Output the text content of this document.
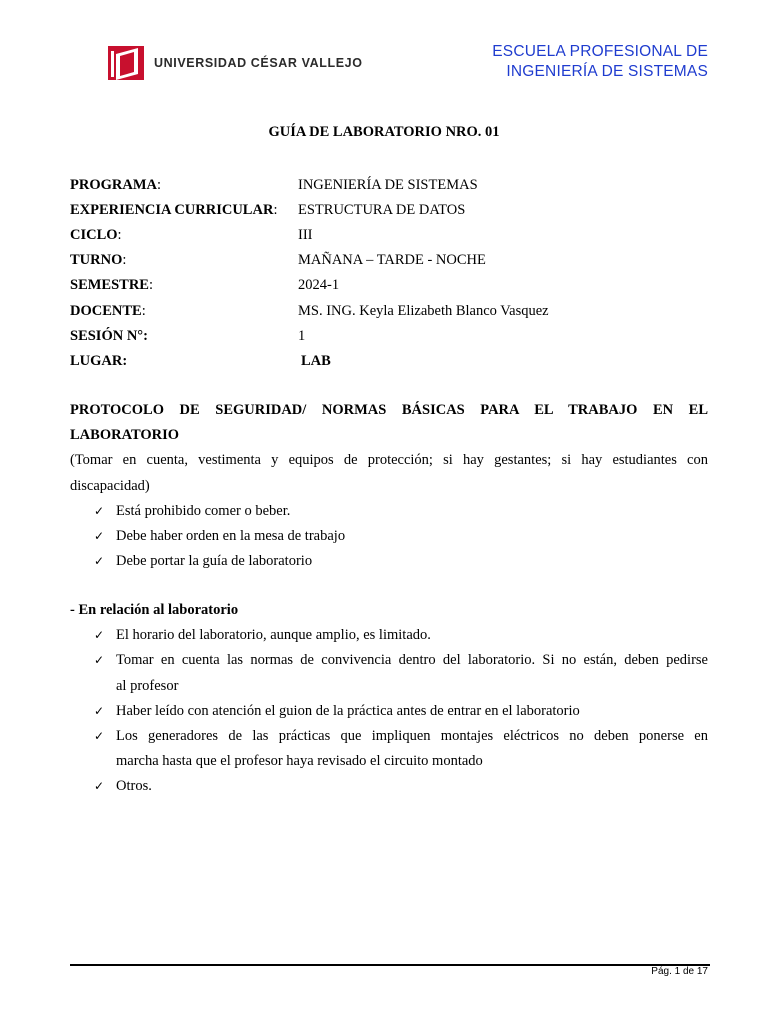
UNIVERSIDAD CÉSAR VALLEJO
ESCUELA PROFESIONAL DE
INGENIERÍA DE SISTEMAS
GUÍA DE LABORATORIO NRO. 01
PROGRAMA:	INGENIERÍA DE SISTEMAS
EXPERIENCIA CURRICULAR:	ESTRUCTURA DE DATOS
CICLO:	III
TURNO:	MAÑANA – TARDE - NOCHE
SEMESTRE:	2024-1
DOCENTE:	MS. ING. Keyla Elizabeth Blanco Vasquez
SESIÓN N°:	1
LUGAR:	LAB
PROTOCOLO DE SEGURIDAD/ NORMAS BÁSICAS PARA EL TRABAJO EN EL
LABORATORIO
(Tomar en cuenta, vestimenta y equipos de protección; si hay gestantes; si hay estudiantes con
discapacidad)
✓ Está prohibido comer o beber.
✓ Debe haber orden en la mesa de trabajo
✓ Debe portar la guía de laboratorio
- En relación al laboratorio
✓ El horario del laboratorio, aunque amplio, es limitado.
✓ Tomar en cuenta las normas de convivencia dentro del laboratorio. Si no están, deben pedirse
al profesor
✓ Haber leído con atención el guion de la práctica antes de entrar en el laboratorio
✓ Los generadores de las prácticas que impliquen montajes eléctricos no deben ponerse en
marcha hasta que el profesor haya revisado el circuito montado
✓ Otros.
Pág. 1 de 17
